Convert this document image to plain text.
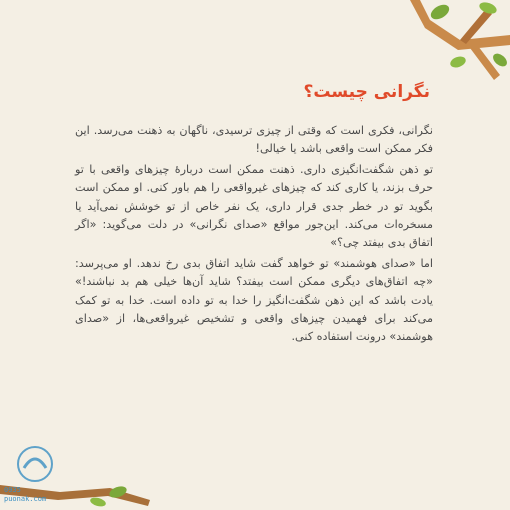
نگرانی چیست؟

نگرانی، فکری است که وقتی از چیزی ترسیدی، ناگهان به ذهنت می‌رسد. این فکر ممکن است واقعی باشد یا خیالی!

تو ذهن شگفت‌انگیزی داری. ذهنت ممکن است دربارهٔ چیزهای واقعی با تو حرف بزند، یا کاری کند که چیزهای غیرواقعی را هم باور کنی. او ممکن است بگوید تو در خطر جدی قرار داری، یک نفر خاص از تو خوشش نمی‌آید یا مسخره‌ات می‌کند. این‌جور مواقع «صدای نگرانی» در دلت می‌گوید: «اگر اتفاق بدی بیفتد چی؟»

اما «صدای هوشمند» تو خواهد گفت شاید اتفاق بدی رخ ندهد. او می‌پرسد: «چه اتفاق‌های دیگری ممکن است بیفتد؟ شاید آن‌ها خیلی هم بد نباشند!» یادت باشد که این ذهن شگفت‌انگیز را خدا به تو داده است. خدا به تو کمک می‌کند برای فهمیدن چیزهای واقعی و تشخیص غیرواقعی‌ها، از «صدای هوشمند» درونت استفاده کنی.

0935
puonak.com
